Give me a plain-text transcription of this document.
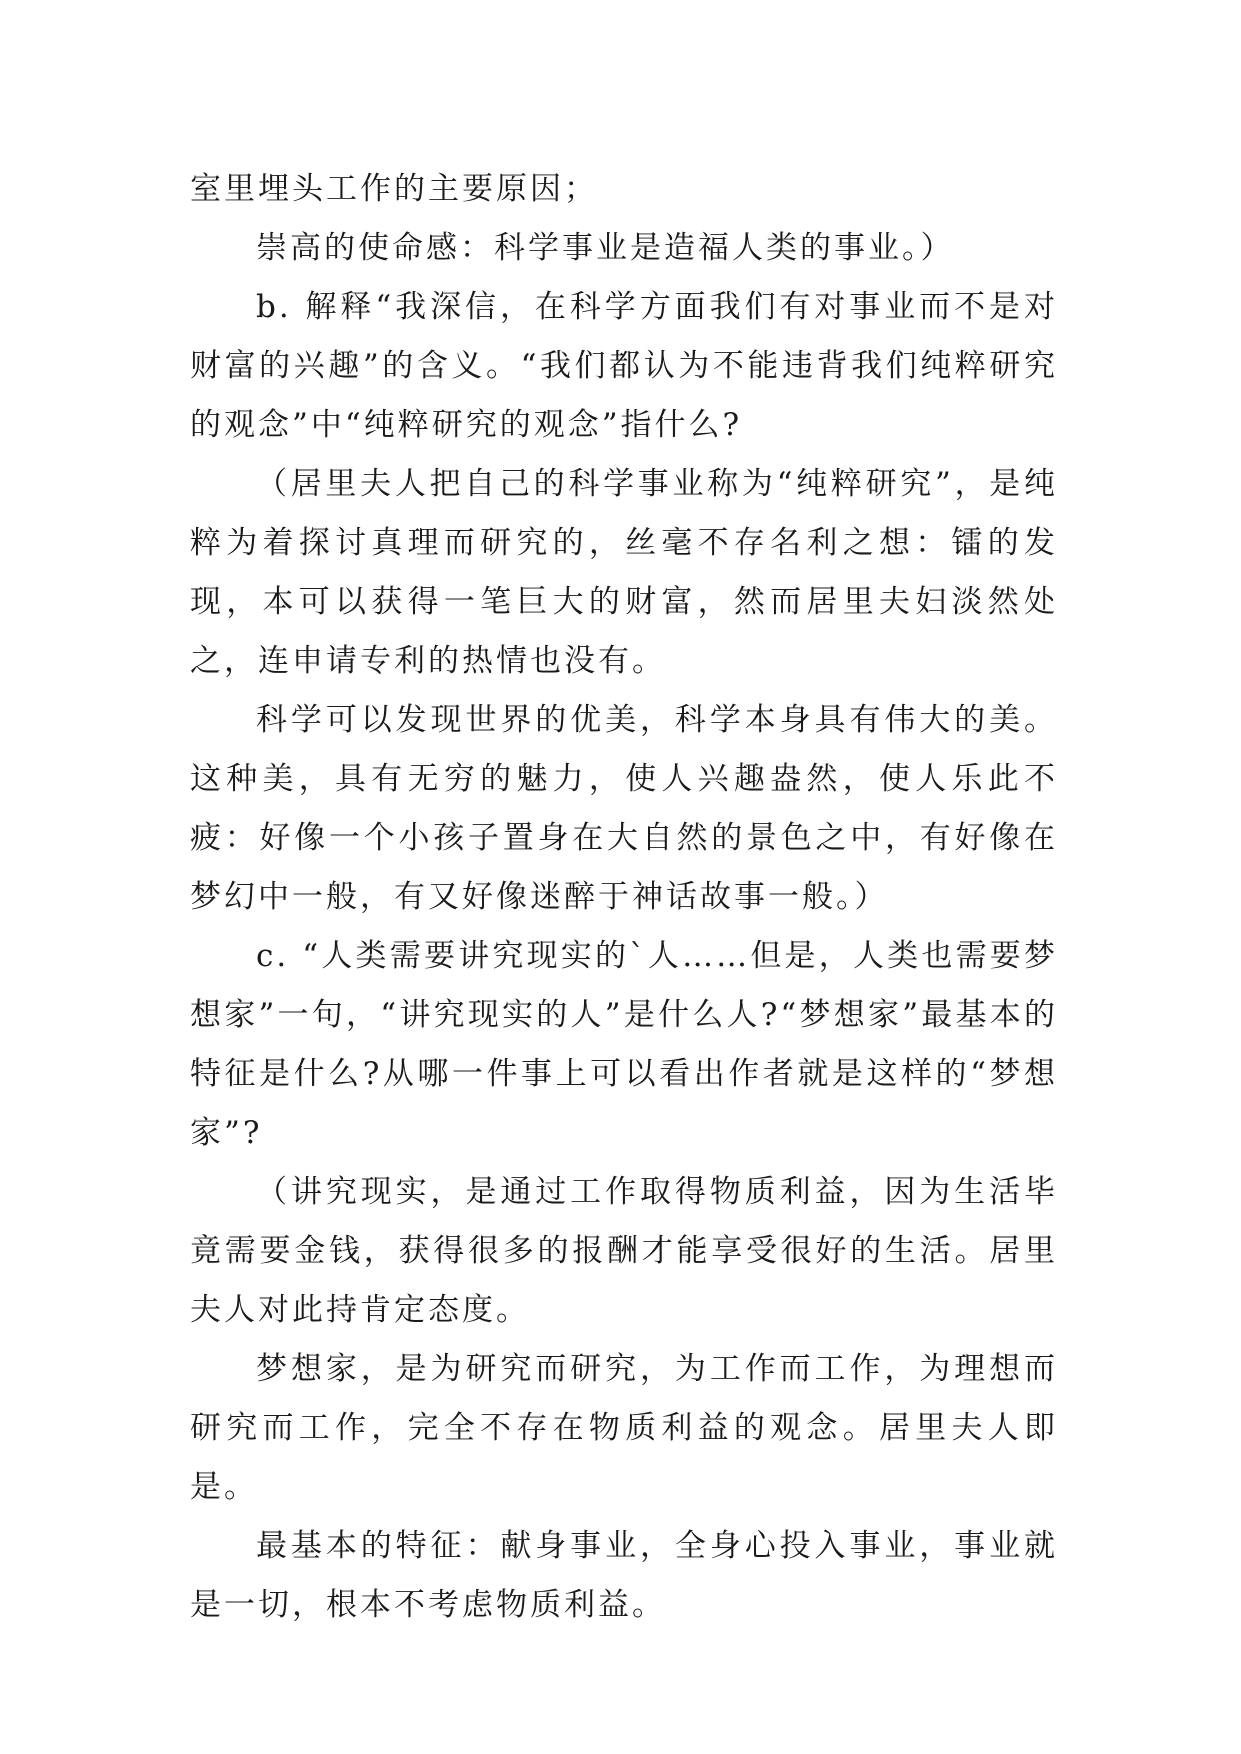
室里埋头工作的主要原因；

崇高的使命感：科学事业是造福人类的事业。）

b. 解释“我深信，在科学方面我们有对事业而不是对财富的兴趣”的含义。“我们都认为不能违背我们纯粹研究的观念”中“纯粹研究的观念”指什么?

（居里夫人把自己的科学事业称为“纯粹研究”，是纯粹为着探讨真理而研究的，丝毫不存名利之想：镭的发现，本可以获得一笔巨大的财富，然而居里夫妇淡然处之，连申请专利的热情也没有。

科学可以发现世界的优美，科学本身具有伟大的美。这种美，具有无穷的魅力，使人兴趣盎然，使人乐此不疲：好像一个小孩子置身在大自然的景色之中，有好像在梦幻中一般，有又好像迷醉于神话故事一般。）

c. “人类需要讲究现实的`人……但是，人类也需要梦想家”一句，“讲究现实的人”是什么人?“梦想家”最基本的特征是什么?从哪一件事上可以看出作者就是这样的“梦想家”?

（讲究现实，是通过工作取得物质利益，因为生活毕竟需要金钱，获得很多的报酬才能享受很好的生活。居里夫人对此持肯定态度。

梦想家，是为研究而研究，为工作而工作，为理想而研究而工作，完全不存在物质利益的观念。居里夫人即是。

最基本的特征：献身事业，全身心投入事业，事业就是一切，根本不考虑物质利益。
